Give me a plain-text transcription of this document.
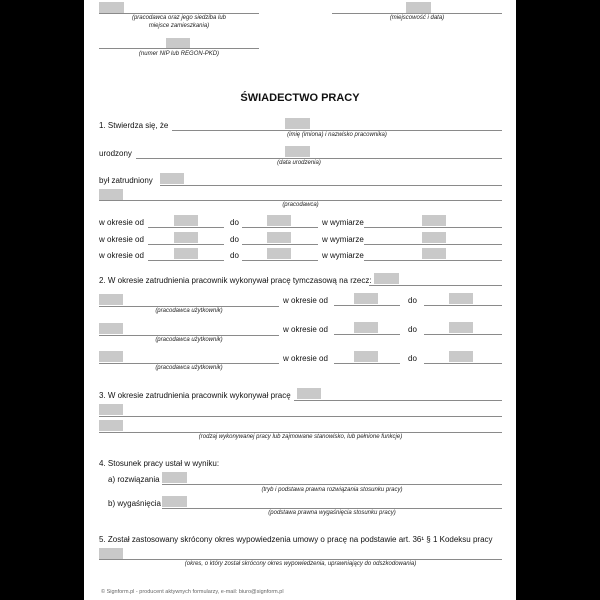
(pracodawca oraz jego siedziba lub
miejsce zamieszkania)
(miejscowość i data)
(numer NIP lub REGON-PKD)
ŚWIADECTWO PRACY
1. Stwierdza się, że
(imię (imiona) i nazwisko pracownika)
urodzony
(data urodzenia)
był zatrudniony
(pracodawca)
w okresie od	do	w wymiarze
w okresie od	do	w wymiarze
w okresie od	do	w wymiarze
2. W okresie zatrudnienia pracownik wykonywał pracę tymczasową na rzecz:
(pracodawca użytkownik)
w okresie od	do
(pracodawca użytkownik)
w okresie od	do
(pracodawca użytkownik)
w okresie od	do
3. W okresie zatrudnienia pracownik wykonywał pracę
(rodzaj wykonywanej pracy lub zajmowane stanowisko, lub pełnione funkcje)
4. Stosunek pracy ustał w wyniku:
a) rozwiązania
(tryb i podstawa prawna rozwiązania stosunku pracy)
b) wygaśnięcia
(podstawa prawna wygaśnięcia stosunku pracy)
5. Został zastosowany skrócony okres wypowiedzenia umowy o pracę na podstawie art. 36¹ § 1 Kodeksu pracy
(okres, o który został skrócony okres wypowiedzenia, uprawniający do odszkodowania)
© Signform.pl - producent aktywnych formularzy, e-mail: biuro@signform.pl
